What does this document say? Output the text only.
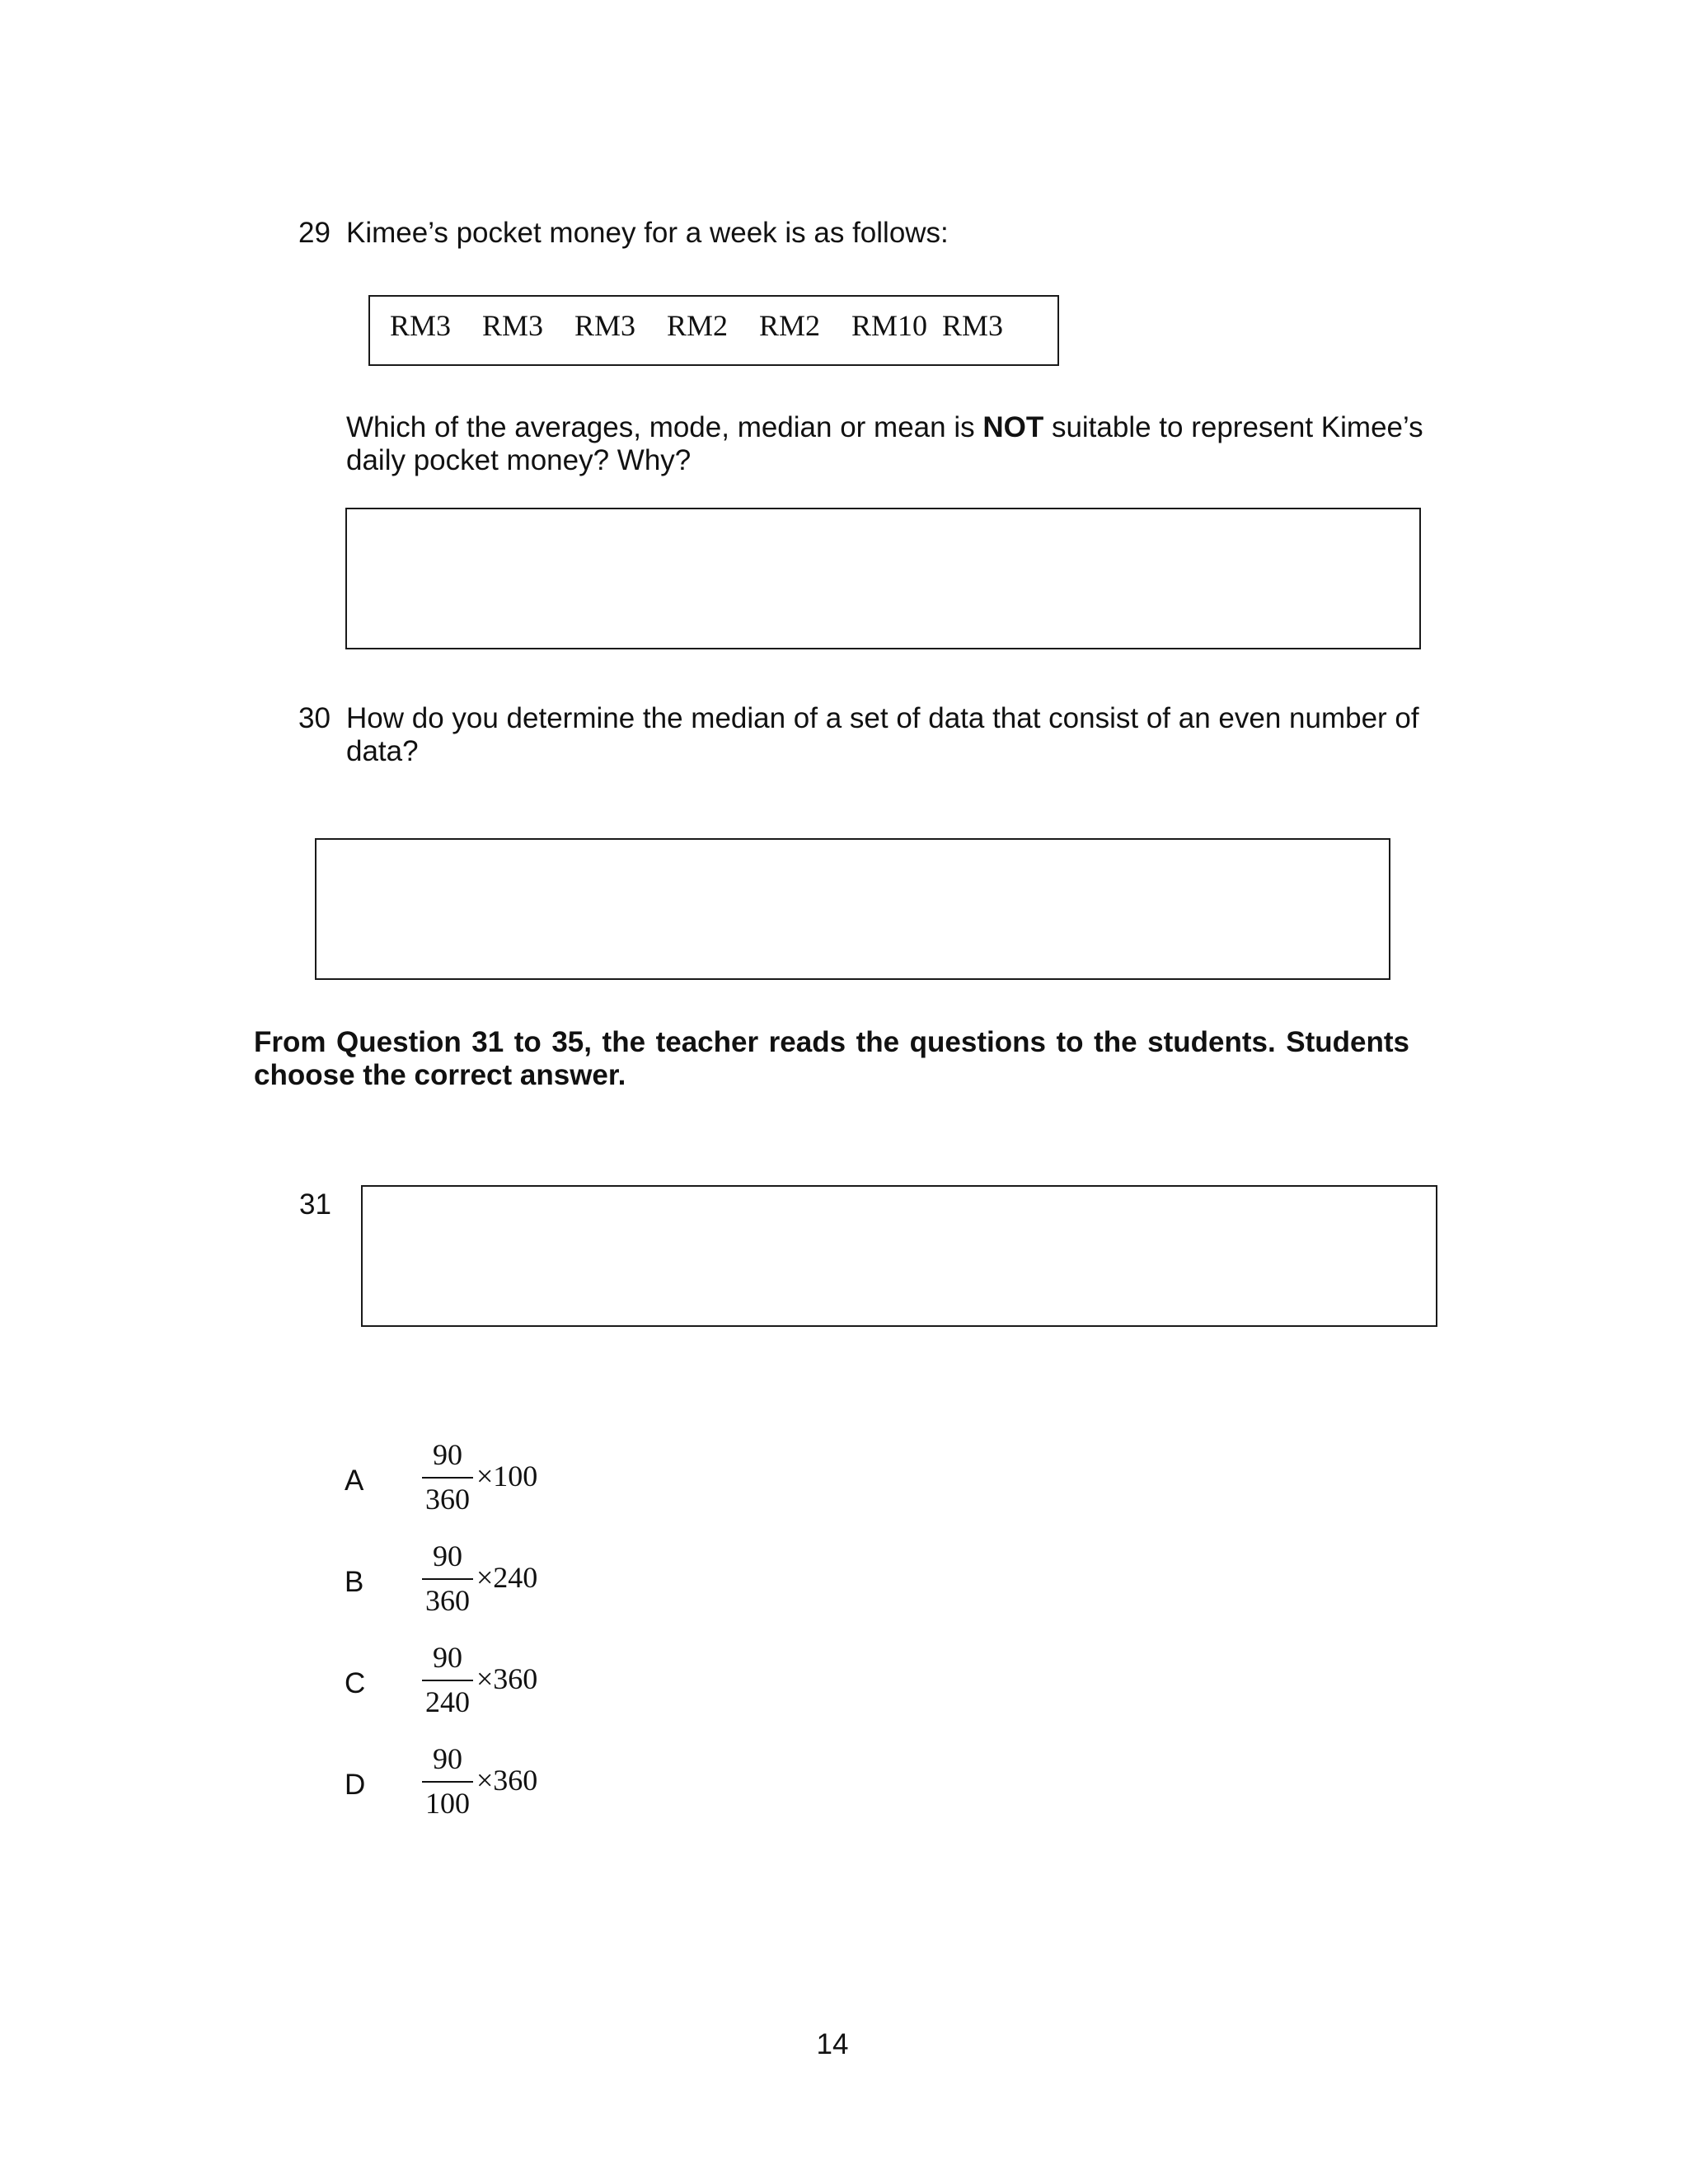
29 Kimee’s pocket money for a week is as follows:
RM3 RM3 RM3 RM2 RM2 RM10 RM3
Which of the averages, mode, median or mean is NOT suitable to represent Kimee’s
daily pocket money? Why?
30 How do you determine the median of a set of data that consist of an even number of
data?
From Question 31 to 35, the teacher reads the questions to the students. Students
choose the correct answer.
31
A
90
360
×100
B
90
360
×240
C
90
240
×360
D
90
100
×360
14
